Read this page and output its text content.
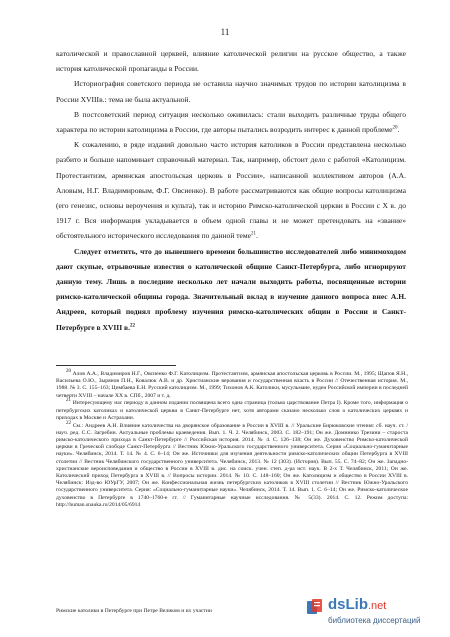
11

католической и православной церквей, влияние католической религии на русское общество, а также история католической пропаганды в России.

Историография советского периода не оставила научно значимых трудов по истории католицизма в России XVIIIв.: тема не была актуальной.

В постсоветский период ситуация несколько оживилась: стали выходить различные труды общего характера по истории католицизма в России, где авторы пытались возродить интерес к данной проблеме$^{20}$.

К сожалению, в ряде изданий довольно часто история католиков в России представлена несколько разбито и больше напоминает справочный материал. Так, например, обстоит дело с работой «Католицизм. Протестантизм, армянская апостольская церковь в России», написанной коллективом авторов (А.А. Аловым, Н.Г. Владимировым, Ф.Г. Овсиенко). В работе рассматриваются как общие вопросы католицизма (его генезис, основы вероучения и культа), так и историю Римско-католической церкви в России с X в. до 1917 г. Вся информация укладывается в объем одной главы и не может претендовать на «звание» обстоятельного исторического исследования по данной теме$^{21}$.

Следует отметить, что до нынешнего времени большинство исследователей либо минимоходом дают скупые, отрывочные известия о католической общине Санкт-Петербурга, либо игнорируют данную тему. Лишь в последние несколько лет начали выходить работы, посвященные истории римско-католической общины города. Значительный вклад в изучение данного вопроса внес А.Н. Андреев, который поднял проблему изучения римско-католических общин в России и Санкт-Петербурге в XVIII в.$^{22}$

$^{20}$ Алов А.А., Владимиров Н.Г., Овсиенко Ф.Г. Католицизм. Протестантизм, армянская апостольская церковь в России. М., 1995; Щапов Я.Н., Васильева О.Ю., Зырянов П.Н., Ковалюк А.В. и др. Христианские верования и государственная власть в России // Отечественная история. М., 1988. № 3. С. 155–163; Цимбаева Е.Н. Русский католицизм. М., 1999; Тихонов А.К. Католики, мусульмане, иудеи Российской империи в последней четверти XVIII – начале XX в. СПб., 2007 и т. д.

$^{21}$ Интересующему нас периоду в данном издании посвящена всего одна страница (только царствование Петра I). Кроме того, информация о петербургских католиках и католической церкви в Санкт-Петербурге нет, хотя авторами сказано несколько слов о католических церквях и приходах в Москве и Астрахани.

$^{22}$ См.: Андреев А.Н. Влияние католичества на дворянское образование в России в XVIII в. // Уральские Бирюковские чтения: сб. науч. ст. / науч. ред. С.С. Загребин. Актуальные проблемы краеведения. Вып. 1. Ч. 2. Челябинск, 2003. С. 182–191; Он же. Доминико Трезини – староста римско-католического прихода в Санкт-Петербурге // Российская история. 2014. № 4. С. 126–138; Он же. Духовенство Римско-католической церкви в Греческой слободе Санкт-Петербурга // Вестник Южно-Уральского государственного университета. Серия «Социально-гуманитарные науки». Челябинск, 2014. Т. 14. № 4. С. 6–14; Он же. Источники для изучения деятельности римско-католических общин Петербурга в XVIII столетии // Вестник Челябинского государственного университета. Челябинск, 2013. № 12 (303). (История). Вып. 55. С. 74–82; Он же. Западно-христианские вероисповедания и общество в России в XVIII в. дис. на соиск. учен. степ. д-ра ист. наук. В 2-х Т. Челябинск, 2011; Он же. Католический приход Петербурга в XVIII в. // Вопросы истории. 2014. № 10. С. 148–160; Он же. Католицизм и общество в России XVIII в. Челябинск: Изд-во ЮУрГУ, 2007; Он же. Конфессиональная жизнь петербургских католиков в XVIII столетии // Вестник Южно-Уральского государственного университета. Серия: «Социально-гуманитарные науки». Челябинск, 2014. Т. 14. Вып. 1. С. 6–14; Он же. Римско-католическое духовенство в Петербурге в 1740–1760-е гг. // Гуманитарные научные исследования. № 5(33). 2014. С. 12. Режим доступа: http://human.snauka.ru/2014/05/6914

Римские католики в Петербурге при Петре Великом и их участии	dsLib.net
библиотека диссертаций
